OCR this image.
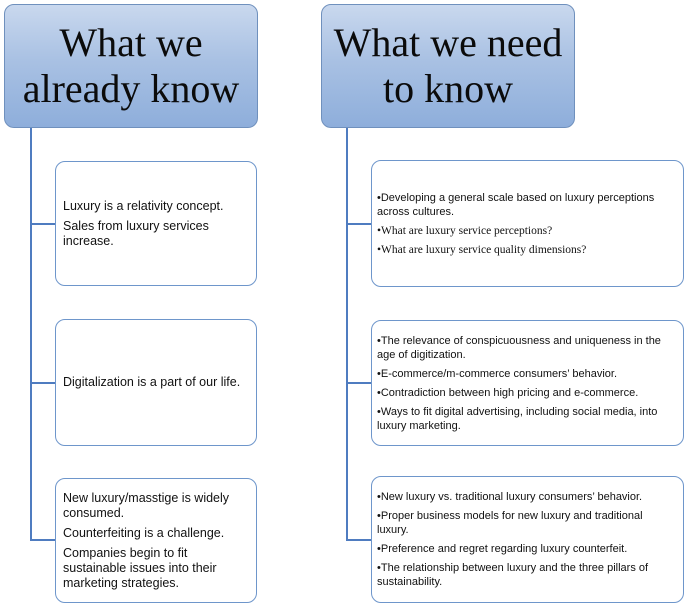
What we already know
Luxury is a relativity concept.
Sales from luxury services increase.
Digitalization is a part of our life.
New luxury/masstige is widely consumed.
Counterfeiting is a challenge.
Companies begin to fit sustainable issues into their marketing strategies.
What we need to know
•Developing a general scale based on luxury perceptions across cultures.
•What are luxury service perceptions?
•What are luxury service quality dimensions?
•The relevance of conspicuousness and uniqueness in the age of digitization.
•E-commerce/m-commerce consumers’ behavior.
•Contradiction between high pricing and e-commerce.
•Ways to fit digital advertising, including social media, into luxury marketing.
•New luxury vs. traditional luxury consumers’ behavior.
•Proper business models for new luxury and traditional luxury.
•Preference and regret regarding luxury counterfeit.
•The relationship between luxury and the three pillars of sustainability.
